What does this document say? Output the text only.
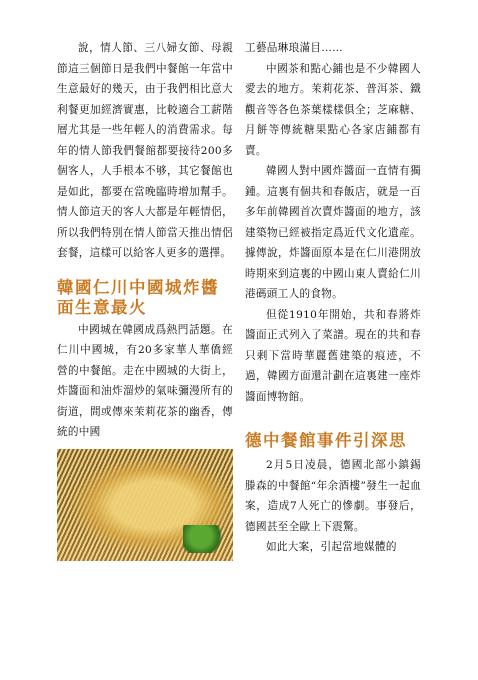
說，情人節、三八婦女節、母親節這三個節日是我們中餐館一年當中生意最好的幾天，由于我們相比意大利餐更加經濟實惠，比較適合工薪階層尤其是一些年輕人的消費需求。每年的情人節我們餐館都要接待200多個客人，人手根本不够，其它餐館也是如此，都要在當晚臨時增加幫手。情人節這天的客人大都是年輕情侶，所以我們特別在情人節當天推出情侶套餐，這樣可以給客人更多的選擇。

韓國仁川中國城炸醬面生意最火

中國城在韓國成爲熱門話題。在仁川中國城，有20多家華人華僑經營的中餐館。走在中國城的大街上，炸醬面和油炸溜炒的氣味彌漫所有的街道，間或傳來茉莉花茶的幽香，傳統的中國

工藝品琳琅滿目……

中國茶和點心鋪也是不少韓國人愛去的地方。茉莉花茶、普洱茶、鐵觀音等各色茶葉樣樣俱全；芝麻糖、月餅等傳統糖果點心各家店鋪都有賣。

韓國人對中國炸醬面一直情有獨鍾。這裏有個共和春飯店，就是一百多年前韓國首次賣炸醬面的地方，該建築物已經被指定爲近代文化遺産。據傳說，炸醬面原本是在仁川港開放時期來到這裏的中國山東人賣給仁川港碼頭工人的食物。

但從1910年開始，共和春將炸醬面正式列入了菜譜。現在的共和春只剩下當時華麗舊建築的痕迹，不過，韓國方面還計劃在這裏建一座炸醬面博物館。

德中餐館事件引深思

2月5日凌晨，德國北部小鎮錫滕森的中餐館“年余酒樓”發生一起血案，造成7人死亡的慘劇。事發后，德國甚至全歐上下震驚。

如此大案，引起當地媒體的
